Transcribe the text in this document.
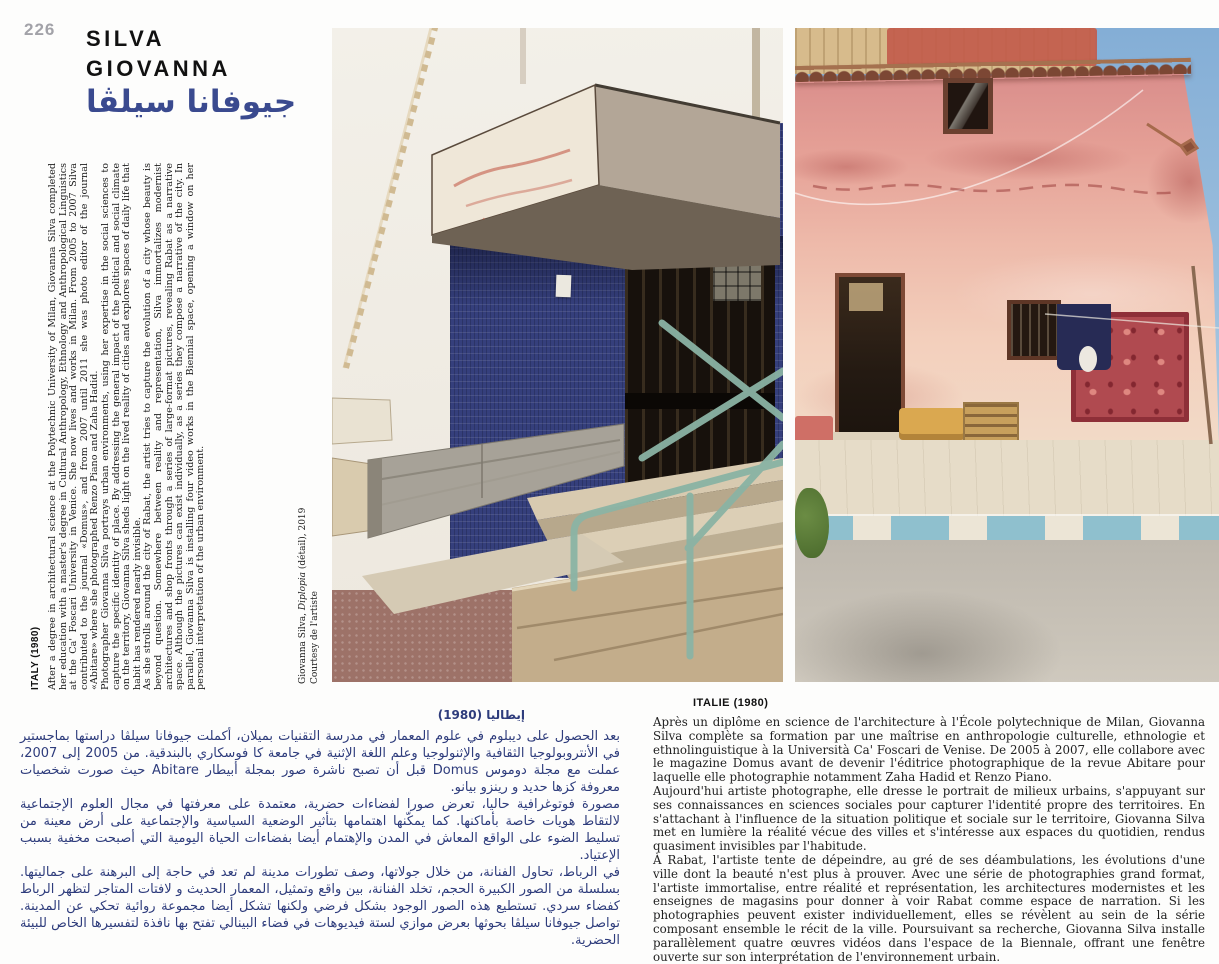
226 SILVA
GIOVANNA
جيوفانا سيلڤا
ITALY (1980) After a degree in architectural science at the Polytechnic University of Milan, Giovanna Silva completed her education with a master's degree in Cultural Anthropology, Ethnology and Anthropological Linguistics at the Ca' Foscari University in Venice. She now lives and works in Milan. From 2005 to 2007 Silva contributed to the journal «Domus», and from 2007 until 2011 she was photo editor of the journal «Abitare» where she photographed Renzo Piano and Zaha Hadid. Photographer Giovanna Silva portrays urban environments, using her expertise in the social sciences to capture the specific identity of place. By addressing the general impact of the political and social climate on the territory, Giovanna Silva sheds light on the lived reality of cities and explores spaces of daily life that habit has rendered nearly invisible. As she strolls around the city of Rabat, the artist tries to capture the evolution of a city whose beauty is beyond question. Somewhere between reality and representation, Silva immortalizes modernist architectures and shop fronts through a series of large-format pictures, revealing Rabat as a narrative space. Although the pictures can exist individually, as a series they compose a narrative of the city. In parallel, Giovanna Silva is installing four video works in the Biennial space, opening a window on her personal interpretation of the urban environment.	Giovanna Silva, Diplopia (détail), 2019
Courtesy de l'artiste
إيطاليا (1980)

بعد الحصول على ديبلوم في علوم المعمار في مدرسة التقنيات بميلان، أكملت جيوفانا سيلڤا دراستها بماجستير في الأنتروبولوجيا الثقافية والإثنولوجيا وعلم اللغة الإثنية في جامعة كا فوسكاري بالبندقية. من 2005 إلى 2007، عملت مع مجلة دوموس Domus قبل أن تصبح ناشرة صور بمجلة أبيطار Abitare حيث صورت شخصيات معروفة كزها حديد و رينزو بيانو.

مصورة فوتوغرافية حاليا، تعرض صورا لفضاءات حضرية، معتمدة على معرفتها في مجال العلوم الإجتماعية لالتقاط هويات خاصة بأماكنها. كما يمكّنها اهتمامها بتأثير الوضعية السياسية والإجتماعية على أرض معينة من تسليط الضوء على الواقع المعاش في المدن والإهتمام أيضا بفضاءات الحياة اليومية التي أصبحت مخفية بسبب الإعتياد.

في الرباط، تحاول الفنانة، من خلال جولاتها، وصف تطورات مدينة لم تعد في حاجة إلى البرهنة على جماليتها. بسلسلة من الصور الكبيرة الحجم، تخلد الفنانة، بين واقع وتمثيل، المعمار الحديث و لافتات المتاجر لتظهر الرباط كفضاء سردي. تستطيع هذه الصور الوجود بشكل فرضي ولكنها تشكل أيضا مجموعة روائية تحكي عن المدينة. تواصل جيوفانا سيلڤا بحوثها بعرض موازي لستة فيديوهات في فضاء البينالي تفتح بها نافذة لتفسيرها الخاص للبيئة الحضرية.

ITALIE (1980)

Après un diplôme en science de l'architecture à l'École polytechnique de Milan, Giovanna Silva complète sa formation par une maîtrise en anthropologie culturelle, ethnologie et ethnolinguistique à la Università Ca' Foscari de Venise. De 2005 à 2007, elle collabore avec le magazine Domus avant de devenir l'éditrice photographique de la revue Abitare pour laquelle elle photographie notamment Zaha Hadid et Renzo Piano.

Aujourd'hui artiste photographe, elle dresse le portrait de milieux urbains, s'appuyant sur ses connaissances en sciences sociales pour capturer l'identité propre des territoires. En s'attachant à l'influence de la situation politique et sociale sur le territoire, Giovanna Silva met en lumière la réalité vécue des villes et s'intéresse aux espaces du quotidien, rendus quasiment invisibles par l'habitude.

À Rabat, l'artiste tente de dépeindre, au gré de ses déambulations, les évolutions d'une ville dont la beauté n'est plus à prouver. Avec une série de photographies grand format, l'artiste immortalise, entre réalité et représentation, les architectures modernistes et les enseignes de magasins pour donner à voir Rabat comme espace de narration. Si les photographies peuvent exister individuellement, elles se révèlent au sein de la série composant ensemble le récit de la ville. Poursuivant sa recherche, Giovanna Silva installe parallèlement quatre œuvres vidéos dans l'espace de la Biennale, offrant une fenêtre ouverte sur son interprétation de l'environnement urbain.
